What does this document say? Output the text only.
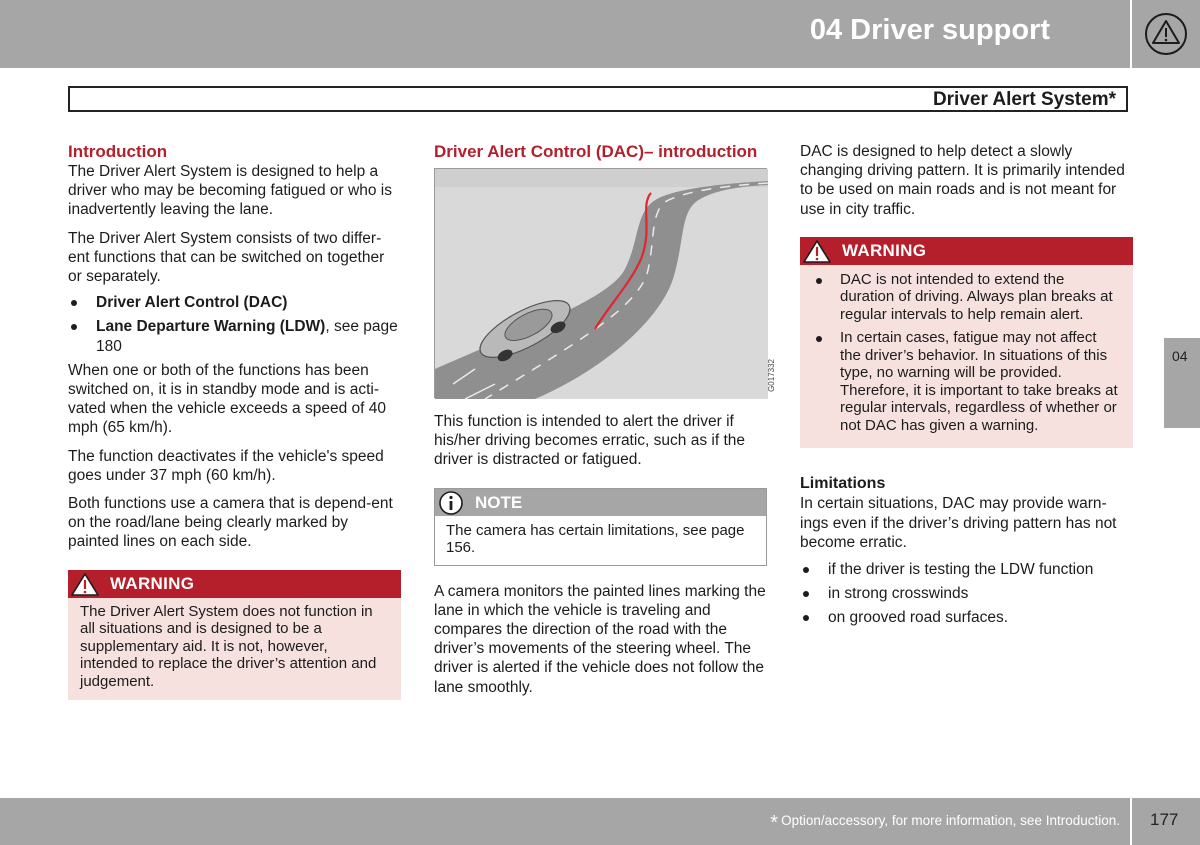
04 Driver support
Driver Alert System*
04
Introduction

The Driver Alert System is designed to help a driver who may be becoming fatigued or who is inadvertently leaving the lane.

The Driver Alert System consists of two differ-ent functions that can be switched on together or separately.

Driver Alert Control (DAC)
Lane Departure Warning (LDW), see page 180

When one or both of the functions has been switched on, it is in standby mode and is acti-vated when the vehicle exceeds a speed of 40 mph (65 km/h).

The function deactivates if the vehicle's speed goes under 37 mph (60 km/h).

Both functions use a camera that is depend-ent on the road/lane being clearly marked by painted lines on each side.

WARNING
The Driver Alert System does not function in all situations and is designed to be a supplementary aid. It is not, however, intended to replace the driver’s attention and judgement.
Driver Alert Control (DAC)– introduction
G017332

This function is intended to alert the driver if his/her driving becomes erratic, such as if the driver is distracted or fatigued.

NOTE
The camera has certain limitations, see page 156.

A camera monitors the painted lines marking the lane in which the vehicle is traveling and compares the direction of the road with the driver’s movements of the steering wheel. The driver is alerted if the vehicle does not follow the lane smoothly.

DAC is designed to help detect a slowly changing driving pattern. It is primarily intended to be used on main roads and is not meant for use in city traffic.

WARNING
DAC is not intended to extend the duration of driving. Always plan breaks at regular intervals to help remain alert.
In certain cases, fatigue may not affect the driver’s behavior. In situations of this type, no warning will be provided. Therefore, it is important to take breaks at regular intervals, regardless of whether or not DAC has given a warning.
Limitations

In certain situations, DAC may provide warn-ings even if the driver’s driving pattern has not become erratic.

if the driver is testing the LDW function
in strong crosswinds
on grooved road surfaces.
* Option/accessory, for more information, see Introduction. 177
